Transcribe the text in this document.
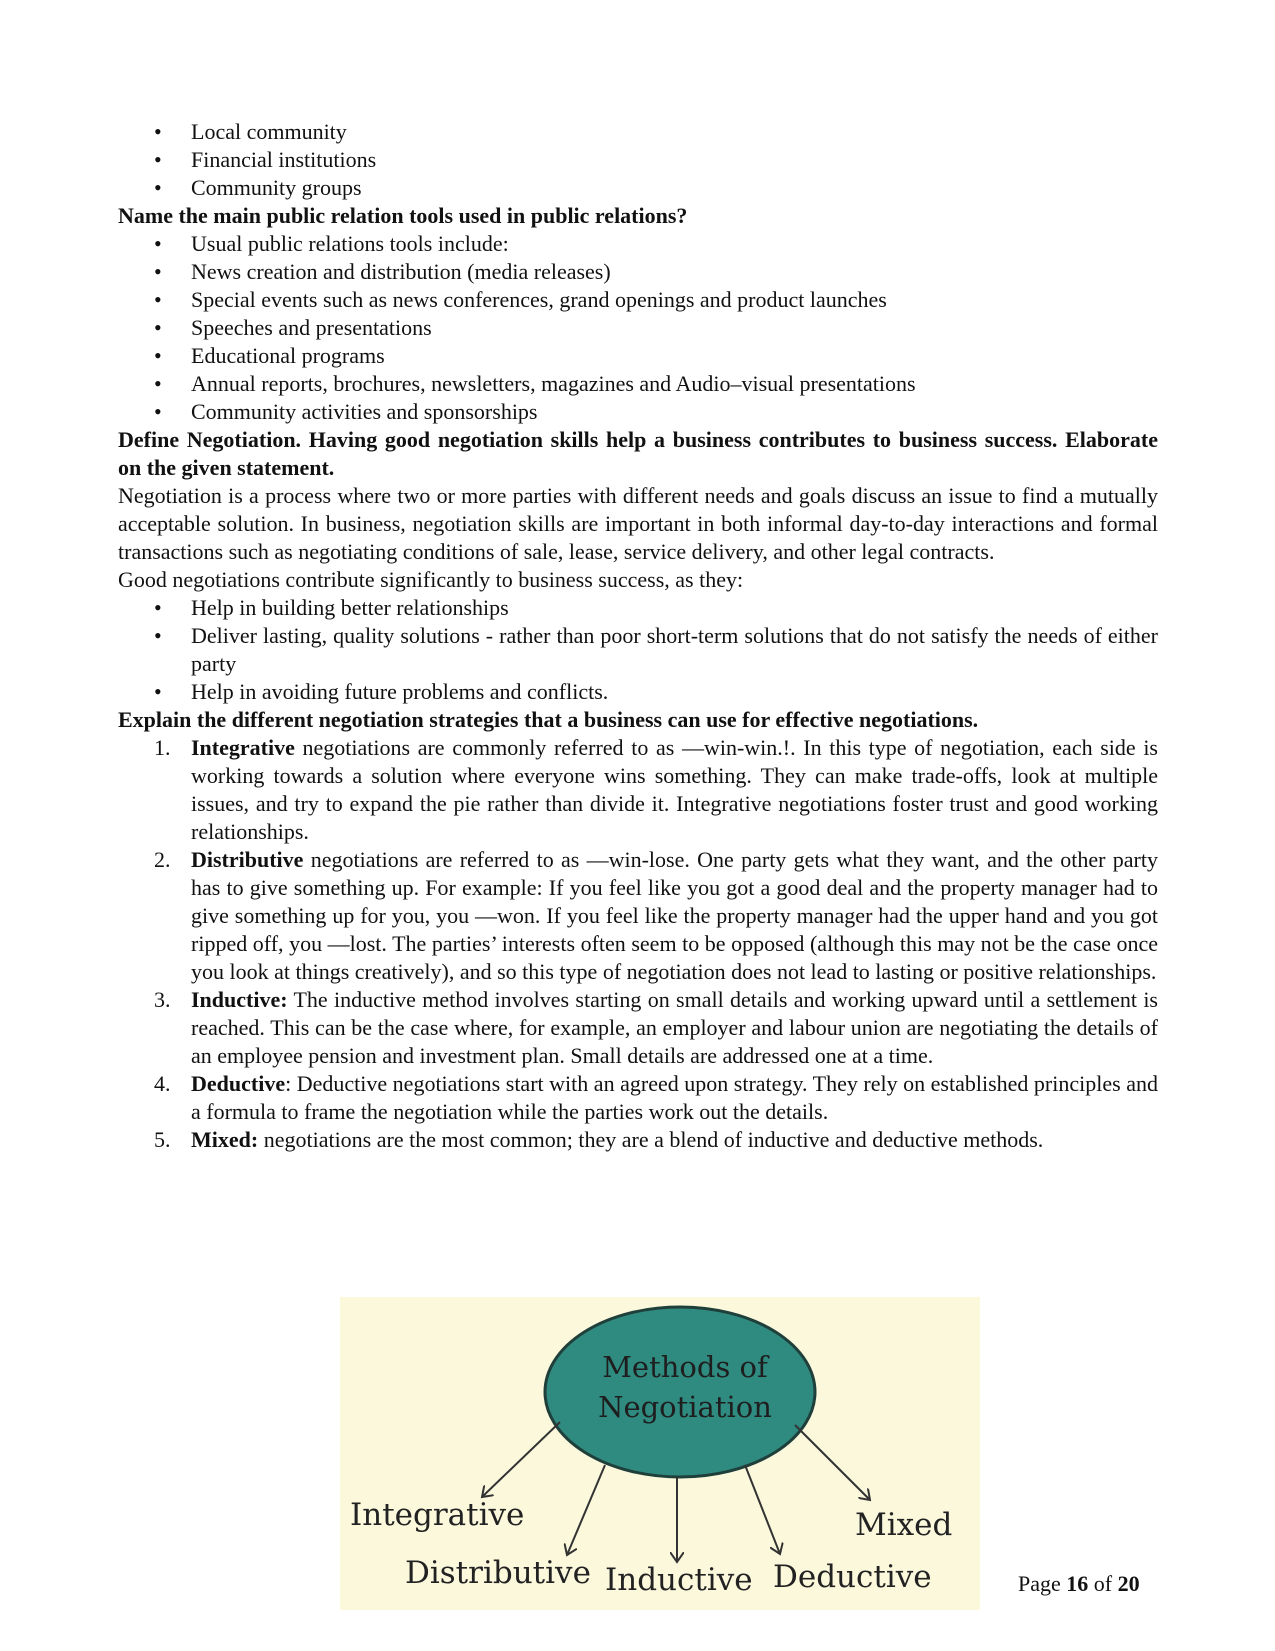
• Local community
• Financial institutions
• Community groups
Name the main public relation tools used in public relations?
• Usual public relations tools include:
• News creation and distribution (media releases)
• Special events such as news conferences, grand openings and product launches
• Speeches and presentations
• Educational programs
• Annual reports, brochures, newsletters, magazines and Audio–visual presentations
• Community activities and sponsorships
Define Negotiation. Having good negotiation skills help a business contributes to business success. Elaborate on the given statement.

Negotiation is a process where two or more parties with different needs and goals discuss an issue to find a mutually acceptable solution. In business, negotiation skills are important in both informal day-to-day interactions and formal transactions such as negotiating conditions of sale, lease, service delivery, and other legal contracts.

Good negotiations contribute significantly to business success, as they:

• Help in building better relationships
• Deliver lasting, quality solutions - rather than poor short-term solutions that do not satisfy the needs of either party
• Help in avoiding future problems and conflicts.
Explain the different negotiation strategies that a business can use for effective negotiations.
1. Integrative negotiations are commonly referred to as ―win-win.!. In this type of negotiation, each side is working towards a solution where everyone wins something. They can make trade-offs, look at multiple issues, and try to expand the pie rather than divide it. Integrative negotiations foster trust and good working relationships.
2. Distributive negotiations are referred to as ―win-lose. One party gets what they want, and the other party has to give something up. For example: If you feel like you got a good deal and the property manager had to give something up for you, you ―won. If you feel like the property manager had the upper hand and you got ripped off, you ―lost. The parties’ interests often seem to be opposed (although this may not be the case once you look at things creatively), and so this type of negotiation does not lead to lasting or positive relationships.
3. Inductive: The inductive method involves starting on small details and working upward until a settlement is reached. This can be the case where, for example, an employer and labour union are negotiating the details of an employee pension and investment plan. Small details are addressed one at a time.
4. Deductive: Deductive negotiations start with an agreed upon strategy. They rely on established principles and a formula to frame the negotiation while the parties work out the details.
5. Mixed: negotiations are the most common; they are a blend of inductive and deductive methods.
Methods of
Negotiation
Integrative
Distributive Inductive Deductive
Mixed
Page 16 of 20
